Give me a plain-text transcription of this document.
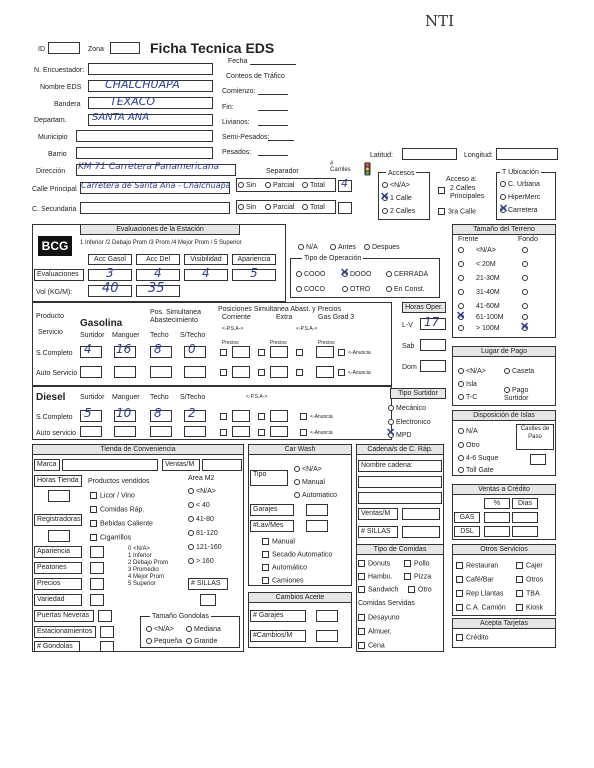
NTI
ID	Zona	Ficha Tecnica EDS
Fecha
N. Encuestador:
Nombre EDS CHALCHUAPA
Bandera	TEXACO
Departam.	SANTA ANA
Municipio
Barrio
Dirección KM 71 Carretera Panamericana
Calle Principal Carretera de Santa Ana - Chalchuapa
C. Secundaria
Conteos de Tráfico
Comienzo:
Fin:
Livianos:
Semi-Pesados:
Pesados:	Latitud:	Longitud:
Separador
# Carriles 🚦
Sin	Parcial	Total 4
Sin	Parcial	Total
Accesos
<N/A>
1 Calle
✕
2 Calles
Acceso a:
2 Calles Principales
3ra Calle
T Ubicación
C. Urbana
HiperMerc
Carretera
✕
Evaluaciones de la Estación
BCG	1 Inferior /2 Debajo Prom /3 Prom /4 Mejor Prom / 5 Superior
Acc Gasol	Acc Del	Visibilidad	Apariencia
Evaluaciones	3	4	4	5
Vol (KG/M): 40 35
N/A	Antes	Despues
Tipo de Operación
COOO	DOOO
✕	CERRADA
COCO	OTRO	En Const.
Tamaño del Terreno
Frente	Fondo
✕
<N/A>
< 20M
21-30M
31-40M
41-60M
61-100M
> 100M ✕
Producto
Servicio
Gasolina
Pos. Simultanea Abastecimiento
Posiciones Simultanea Abast. y Precios
Corriente	Extra	Gas Grad 3
Surtidor Manguer Techo S/Techo
<-P.S.A->	<-P.S.A->
S.Completo 4 16 8 0	Precios	Precios	Precios
<-Anuncia
Auto Servicio	<-Anuncia
Horas Oper.
L-V 17
Sab
Dom
Lugar de Pago
<N/A>	Caseta
Isla
T-C
Pago Surtidor
Diesel Surtidor Manguer Techo S/Techo	<-P.S.A->
S.Completo 5 10 8 2	<-Anuncia
Auto servicio	<-Anuncia
Tipo Surtidor
Mecánico
Electronico
MPD
✕
Disposición de Islas
N/A
Otro
4-6 Suque
Toll Gate
Castles de Paso
Tienda de Conveniencia
Marca	Ventas/M
Horas Tienda	Productos vendidos	Area M2
Licor / Vino
Comidas Ráp.
Bebidas Caliente
Cigarrillos
Registradoras
<N/A>
< 40
41-80
81-120
121-160
> 160
Apariencia
Peatones
Precios
Variedad
Puertas Neveras
Estacionamientos
# Gondolas
0 <N/A>
1 Inferior
2 Debajo Prom
3 Promedio
4 Mejor Prom
5 Superior	# SILLAS
Tamaño Gondolas
<N/A>	Mediana
Pequeña	Grande
Car Wash
Tipo
<N/A>
Manual
Automatico
Garajes
#Lav/Mes
Manual
Secado Automatico
Automático
Camiones
Cambios Aceite
# Garajes
#Cambios/M
Cadena/s de C. Ráp.
Nombre cadena:
Ventas/M
# SILLAS
Tipo de Comidas
Donuts	Pollo
Hambu.	Pizza
Sandwich	Otro
Comidas Servidas
Desayuno
Almuer.
Cena
Ventas a Crédito
%	Dias
GAS
DSL
Otros Servicios
Restauran
Café/Bar
Rep Llantas
C.A. Camión
Cajer
Otros
TBA
Kiosk
Acepta Tarjetas
Crédito
